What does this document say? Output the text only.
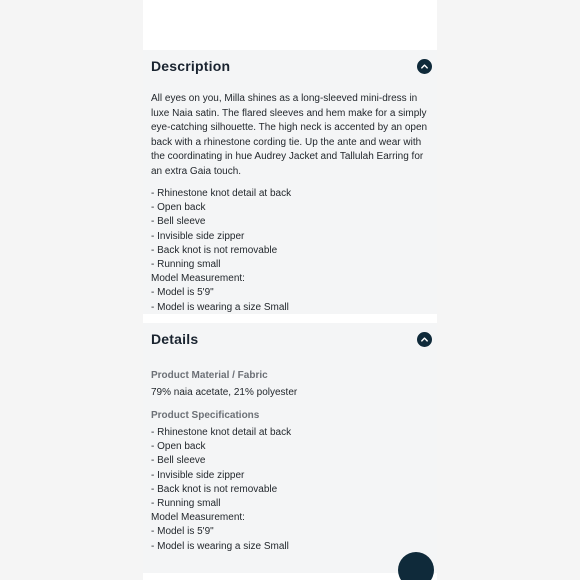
Description
All eyes on you, Milla shines as a long-sleeved mini-dress in luxe Naia satin. The flared sleeves and hem make for a simply eye-catching silhouette. The high neck is accented by an open back with a rhinestone cording tie. Up the ante and wear with the coordinating in hue Audrey Jacket and Tallulah Earring for an extra Gaia touch.
- Rhinestone knot detail at back
- Open back
- Bell sleeve
- Invisible side zipper
- Back knot is not removable
- Running small
Model Measurement:
- Model is 5'9"
- Model is wearing a size Small
Details
Product Material / Fabric
79% naia acetate, 21% polyester
Product Specifications
- Rhinestone knot detail at back
- Open back
- Bell sleeve
- Invisible side zipper
- Back knot is not removable
- Running small
Model Measurement:
- Model is 5'9"
- Model is wearing a size Small
